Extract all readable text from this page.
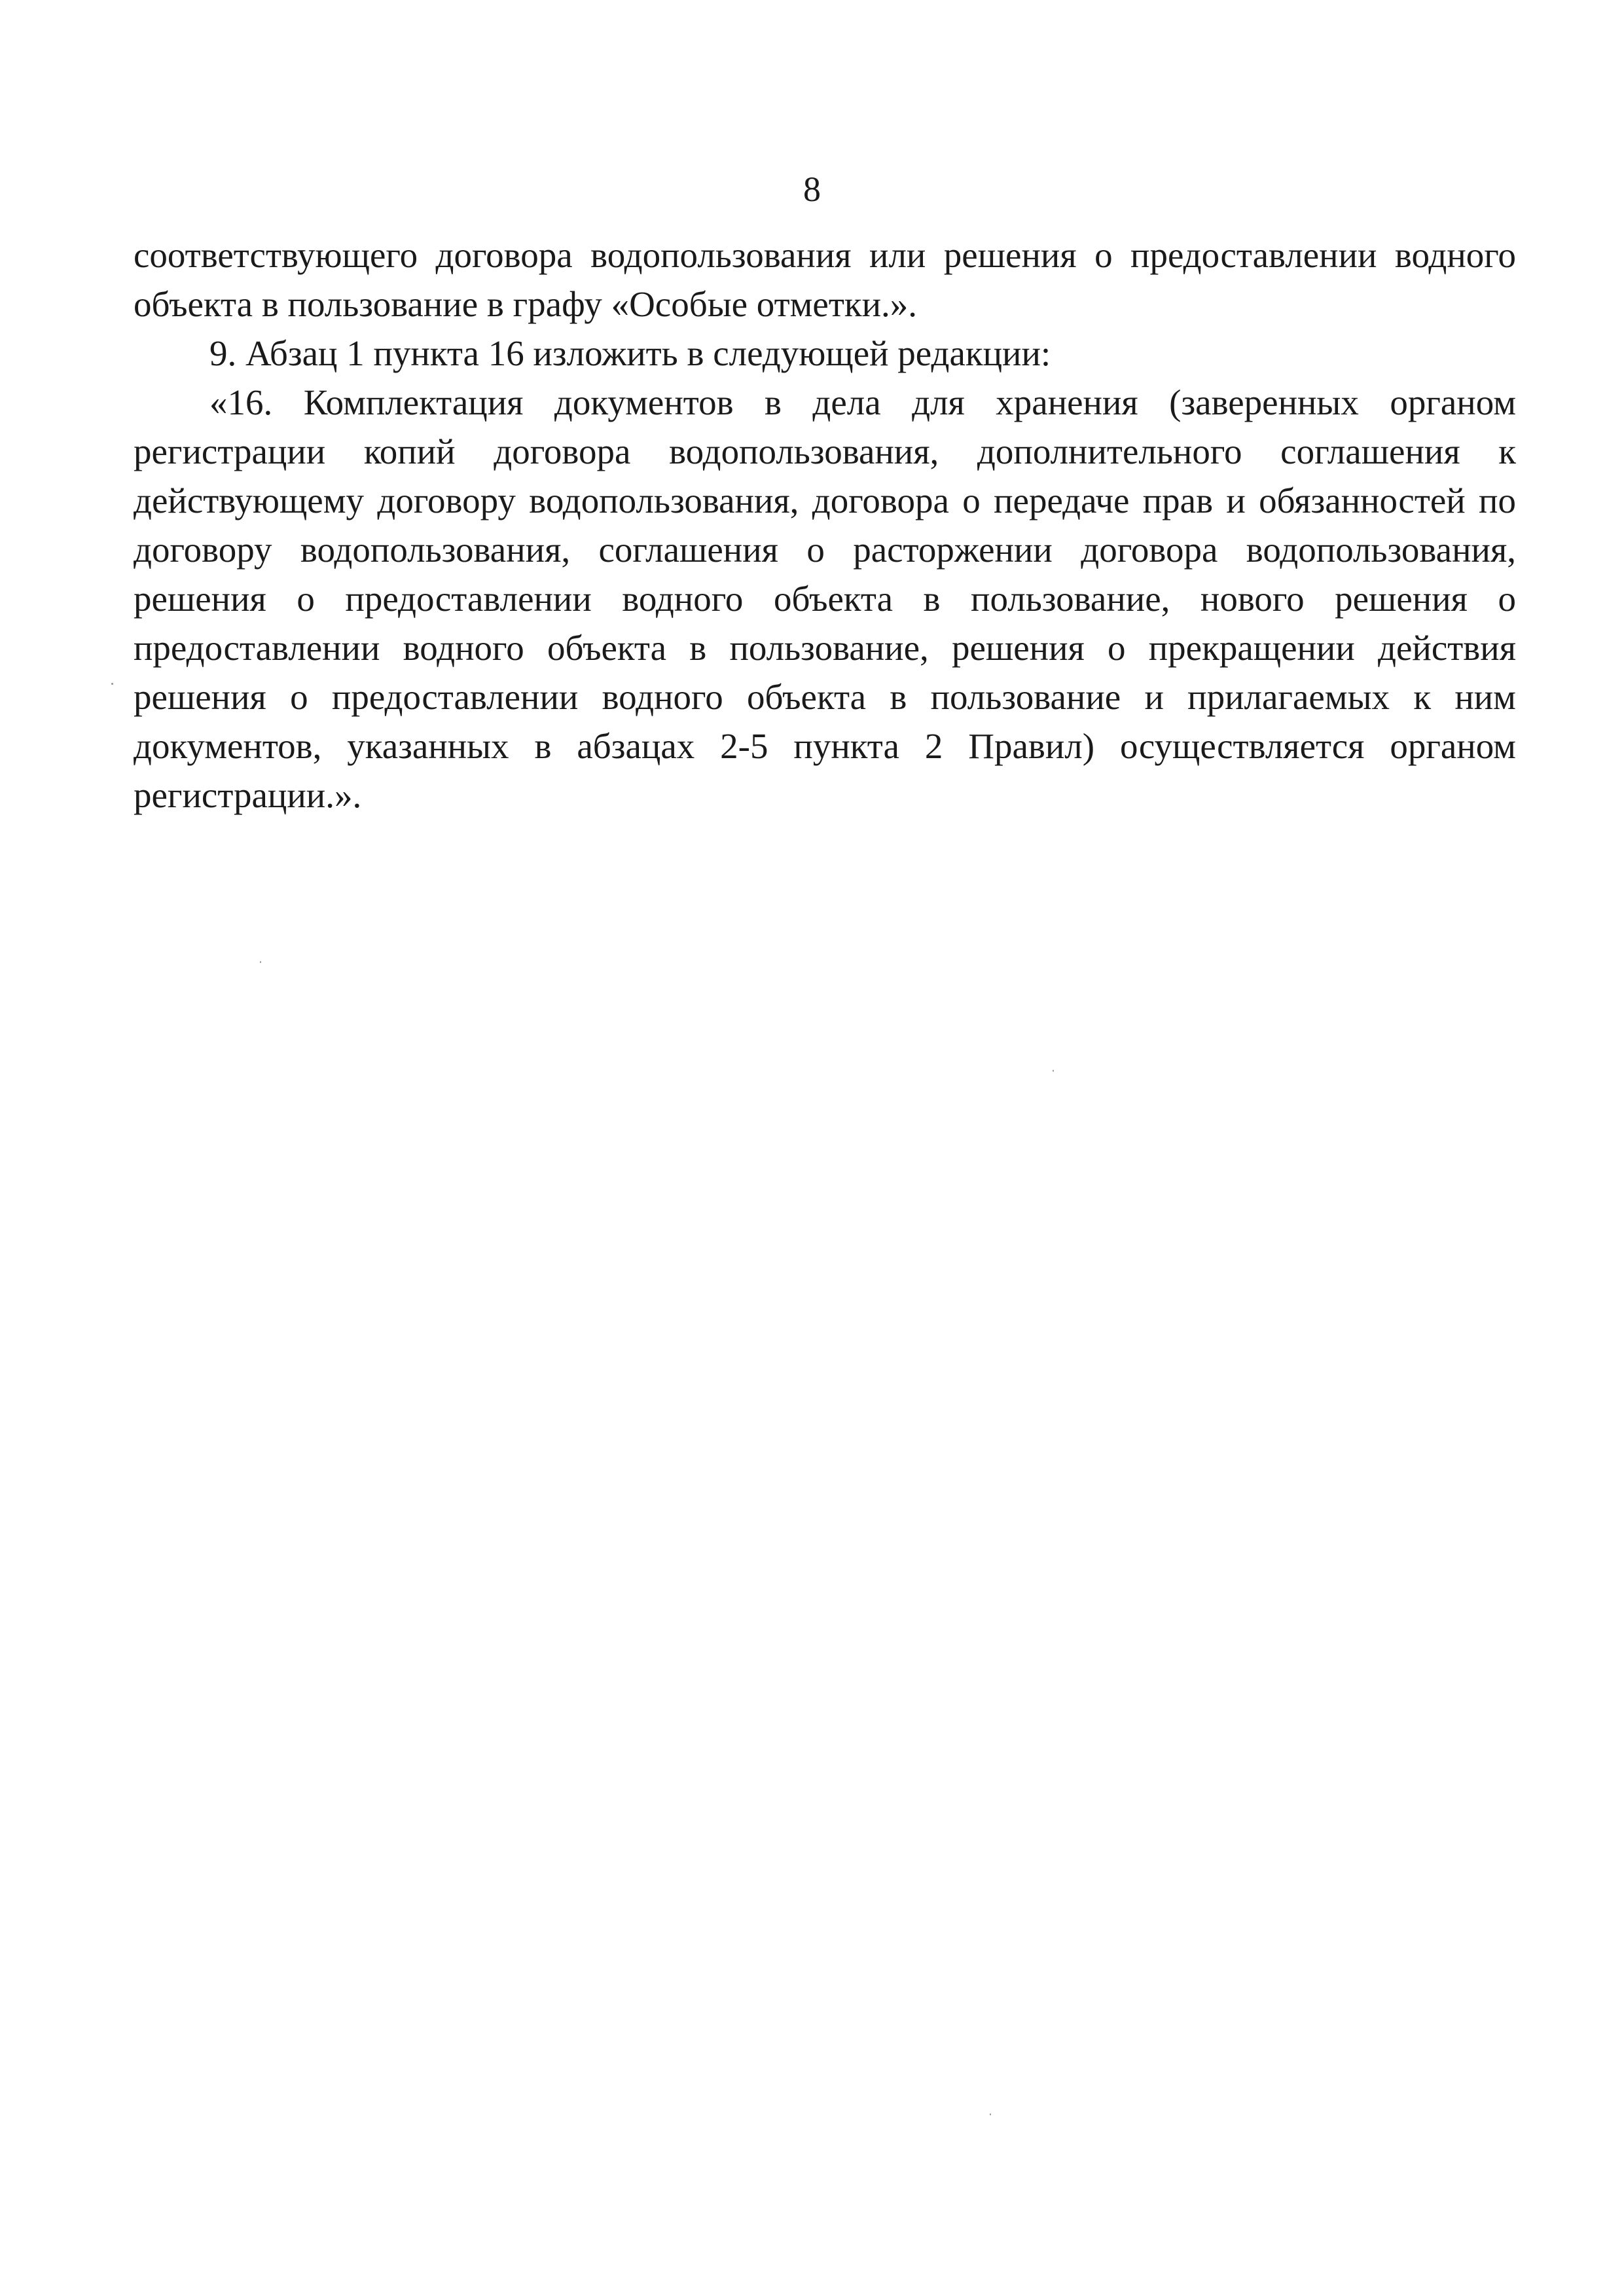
8

соответствующего договора водопользования или решения о предоставлении водного объекта в пользование в графу «Особые отметки.».

9. Абзац 1 пункта 16 изложить в следующей редакции:

«16. Комплектация документов в дела для хранения (заверенных органом регистрации копий договора водопользования, дополнительного соглашения к действующему договору водопользования, договора о передаче прав и обязанностей по договору водопользования, соглашения о расторжении договора водопользования, решения о предоставлении водного объекта в пользование, нового решения о предоставлении водного объекта в пользование, решения о прекращении действия решения о предоставлении водного объекта в пользование и прилагаемых к ним документов, указанных в абзацах 2-5 пункта 2 Правил) осуществляется органом регистрации.».
